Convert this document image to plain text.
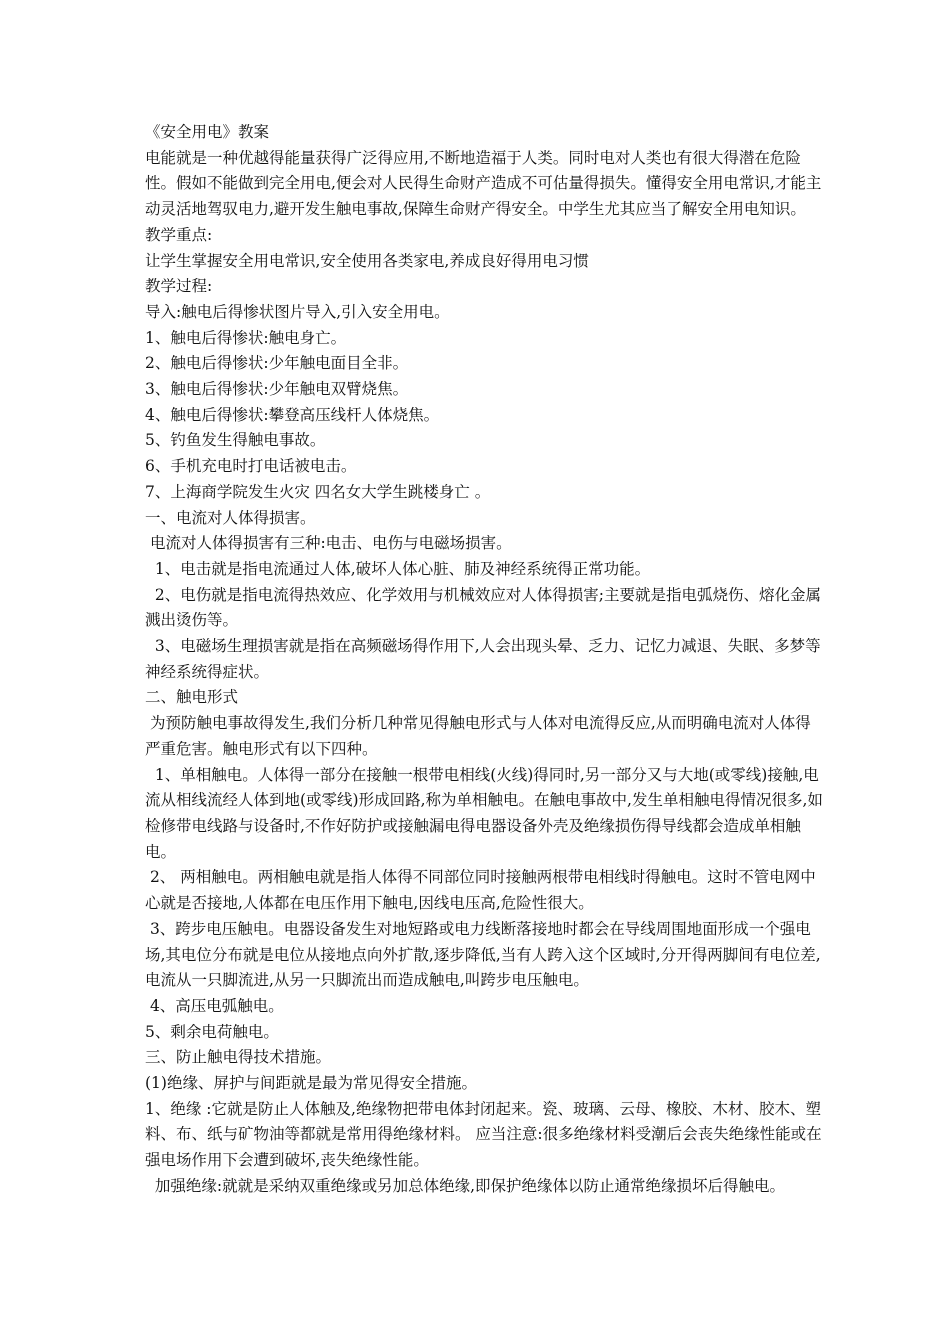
《安全用电》教案
电能就是一种优越得能量获得广泛得应用,不断地造福于人类。同时电对人类也有很大得潜在危险性。假如不能做到完全用电,便会对人民得生命财产造成不可估量得损失。懂得安全用电常识,才能主动灵活地驾驭电力,避开发生触电事故,保障生命财产得安全。中学生尤其应当了解安全用电知识。
教学重点:
让学生掌握安全用电常识,安全使用各类家电,养成良好得用电习惯
教学过程:
导入:触电后得惨状图片导入,引入安全用电。
1、触电后得惨状:触电身亡。
2、触电后得惨状:少年触电面目全非。
3、触电后得惨状:少年触电双臂烧焦。
4、触电后得惨状:攀登高压线杆人体烧焦。
5、钓鱼发生得触电事故。
6、手机充电时打电话被电击。
7、上海商学院发生火灾 四名女大学生跳楼身亡 。
一、电流对人体得损害。
电流对人体得损害有三种:电击、电伤与电磁场损害。
1、电击就是指电流通过人体,破坏人体心脏、肺及神经系统得正常功能。
2、电伤就是指电流得热效应、化学效用与机械效应对人体得损害;主要就是指电弧烧伤、熔化金属溅出烫伤等。
3、电磁场生理损害就是指在高频磁场得作用下,人会出现头晕、乏力、记忆力减退、失眠、多梦等神经系统得症状。
二、触电形式
为预防触电事故得发生,我们分析几种常见得触电形式与人体对电流得反应,从而明确电流对人体得严重危害。触电形式有以下四种。
1、单相触电。人体得一部分在接触一根带电相线(火线)得同时,另一部分又与大地(或零线)接触,电流从相线流经人体到地(或零线)形成回路,称为单相触电。在触电事故中,发生单相触电得情况很多,如检修带电线路与设备时,不作好防护或接触漏电得电器设备外壳及绝缘损伤得导线都会造成单相触电。
2、 两相触电。两相触电就是指人体得不同部位同时接触两根带电相线时得触电。这时不管电网中心就是否接地,人体都在电压作用下触电,因线电压高,危险性很大。
3、跨步电压触电。电器设备发生对地短路或电力线断落接地时都会在导线周围地面形成一个强电场,其电位分布就是电位从接地点向外扩散,逐步降低,当有人跨入这个区域时,分开得两脚间有电位差,电流从一只脚流进,从另一只脚流出而造成触电,叫跨步电压触电。
4、高压电弧触电。
5、剩余电荷触电。
三、防止触电得技术措施。
(1)绝缘、屏护与间距就是最为常见得安全措施。
1、绝缘 :它就是防止人体触及,绝缘物把带电体封闭起来。瓷、玻璃、云母、橡胶、木材、胶木、塑料、布、纸与矿物油等都就是常用得绝缘材料。 应当注意:很多绝缘材料受潮后会丧失绝缘性能或在强电场作用下会遭到破坏,丧失绝缘性能。
加强绝缘:就就是采纳双重绝缘或另加总体绝缘,即保护绝缘体以防止通常绝缘损坏后得触电。
